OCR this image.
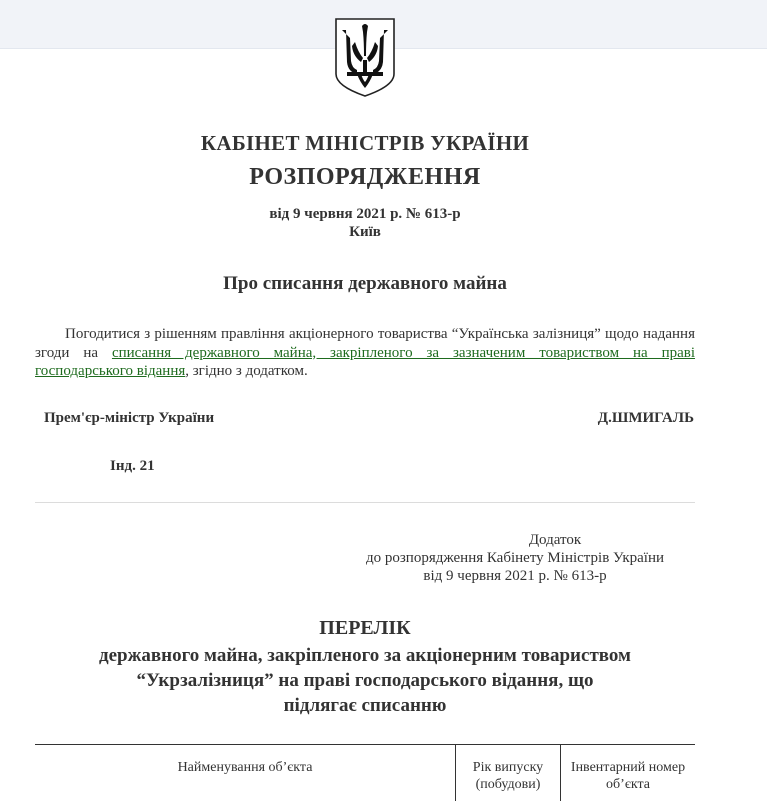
КАБІНЕТ МІНІСТРІВ УКРАЇНИ
РОЗПОРЯДЖЕННЯ
від 9 червня 2021 р. № 613-р
Київ
Про списання державного майна
Погодитися з рішенням правління акціонерного товариства “Українська залізниця” щодо надання згоди на списання державного майна, закріпленого за зазначеним товариством на праві господарського відання, згідно з додатком.
Прем'єр-міністр України	Д.ШМИГАЛЬ
Інд. 21
Додаток
до розпорядження Кабінету Міністрів України
від 9 червня 2021 р. № 613-р
ПЕРЕЛІК
державного майна, закріпленого за акціонерним товариством
“Укрзалізниця” на праві господарського відання, що
підлягає списанню
Найменування об’єкта	Рік випуску (побудови)	Інвентарний номер об’єкта
